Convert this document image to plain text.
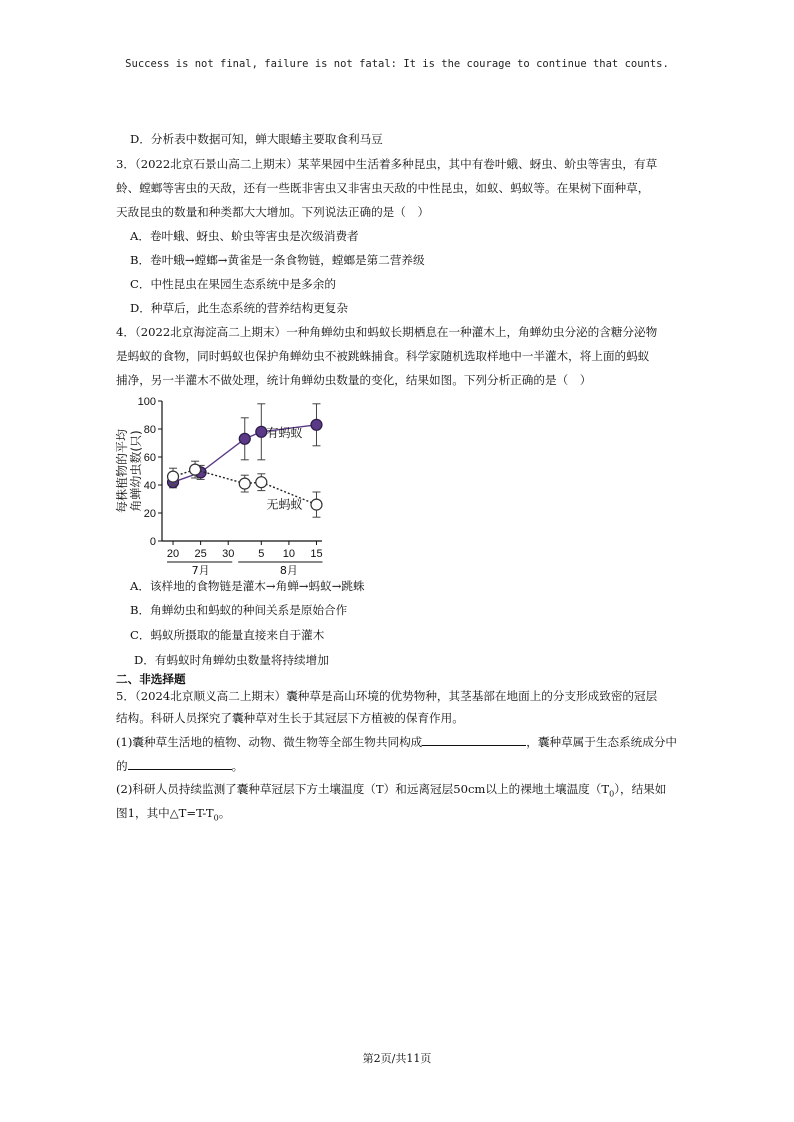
Success is not final, failure is not fatal: It is the courage to continue that counts.
D．分析表中数据可知，蝉大眼蝽主要取食利马豆
3．（2022北京石景山高二上期末）某苹果园中生活着多种昆虫，其中有卷叶蛾、蚜虫、蚧虫等害虫，有草
蛉、螳螂等害虫的天敌，还有一些既非害虫又非害虫天敌的中性昆虫，如蚁、蚂蚁等。在果树下面种草，
天敌昆虫的数量和种类都大大增加。下列说法正确的是（　）
A．卷叶蛾、蚜虫、蚧虫等害虫是次级消费者
B．卷叶蛾→螳螂→黄雀是一条食物链，螳螂是第二营养级
C．中性昆虫在果园生态系统中是多余的
D．种草后，此生态系统的营养结构更复杂
4．（2022北京海淀高二上期末）一种角蝉幼虫和蚂蚁长期栖息在一种灌木上，角蝉幼虫分泌的含糖分泌物
是蚂蚁的食物，同时蚂蚁也保护角蝉幼虫不被跳蛛捕食。科学家随机选取样地中一半灌木，将上面的蚂蚁
捕净，另一半灌木不做处理，统计角蝉幼虫数量的变化，结果如图。下列分析正确的是（　）
0
20
40
60
80
100
20 25 30 5 10 15
7月	8月
每株植物的平均 角蝉幼虫数(只)	有蚂蚁
无蚂蚁
A．该样地的食物链是灌木→角蝉→蚂蚁→跳蛛
B．角蝉幼虫和蚂蚁的种间关系是原始合作
C．蚂蚁所摄取的能量直接来自于灌木
D．有蚂蚁时角蝉幼虫数量将持续增加
二、非选择题
5．（2024北京顺义高二上期末）囊种草是高山环境的优势物种，其茎基部在地面上的分支形成致密的冠层
结构。科研人员探究了囊种草对生长于其冠层下方植被的保育作用。
(1)囊种草生活地的植物、动物、微生物等全部生物共同构成	，囊种草属于生态系统成分中
的	。
(2)科研人员持续监测了囊种草冠层下方土壤温度（T）和远离冠层50cm以上的裸地土壤温度$(T_0)$，结果如
图1，其中$\triangle T=T-T_0$。
第2页/共11页
